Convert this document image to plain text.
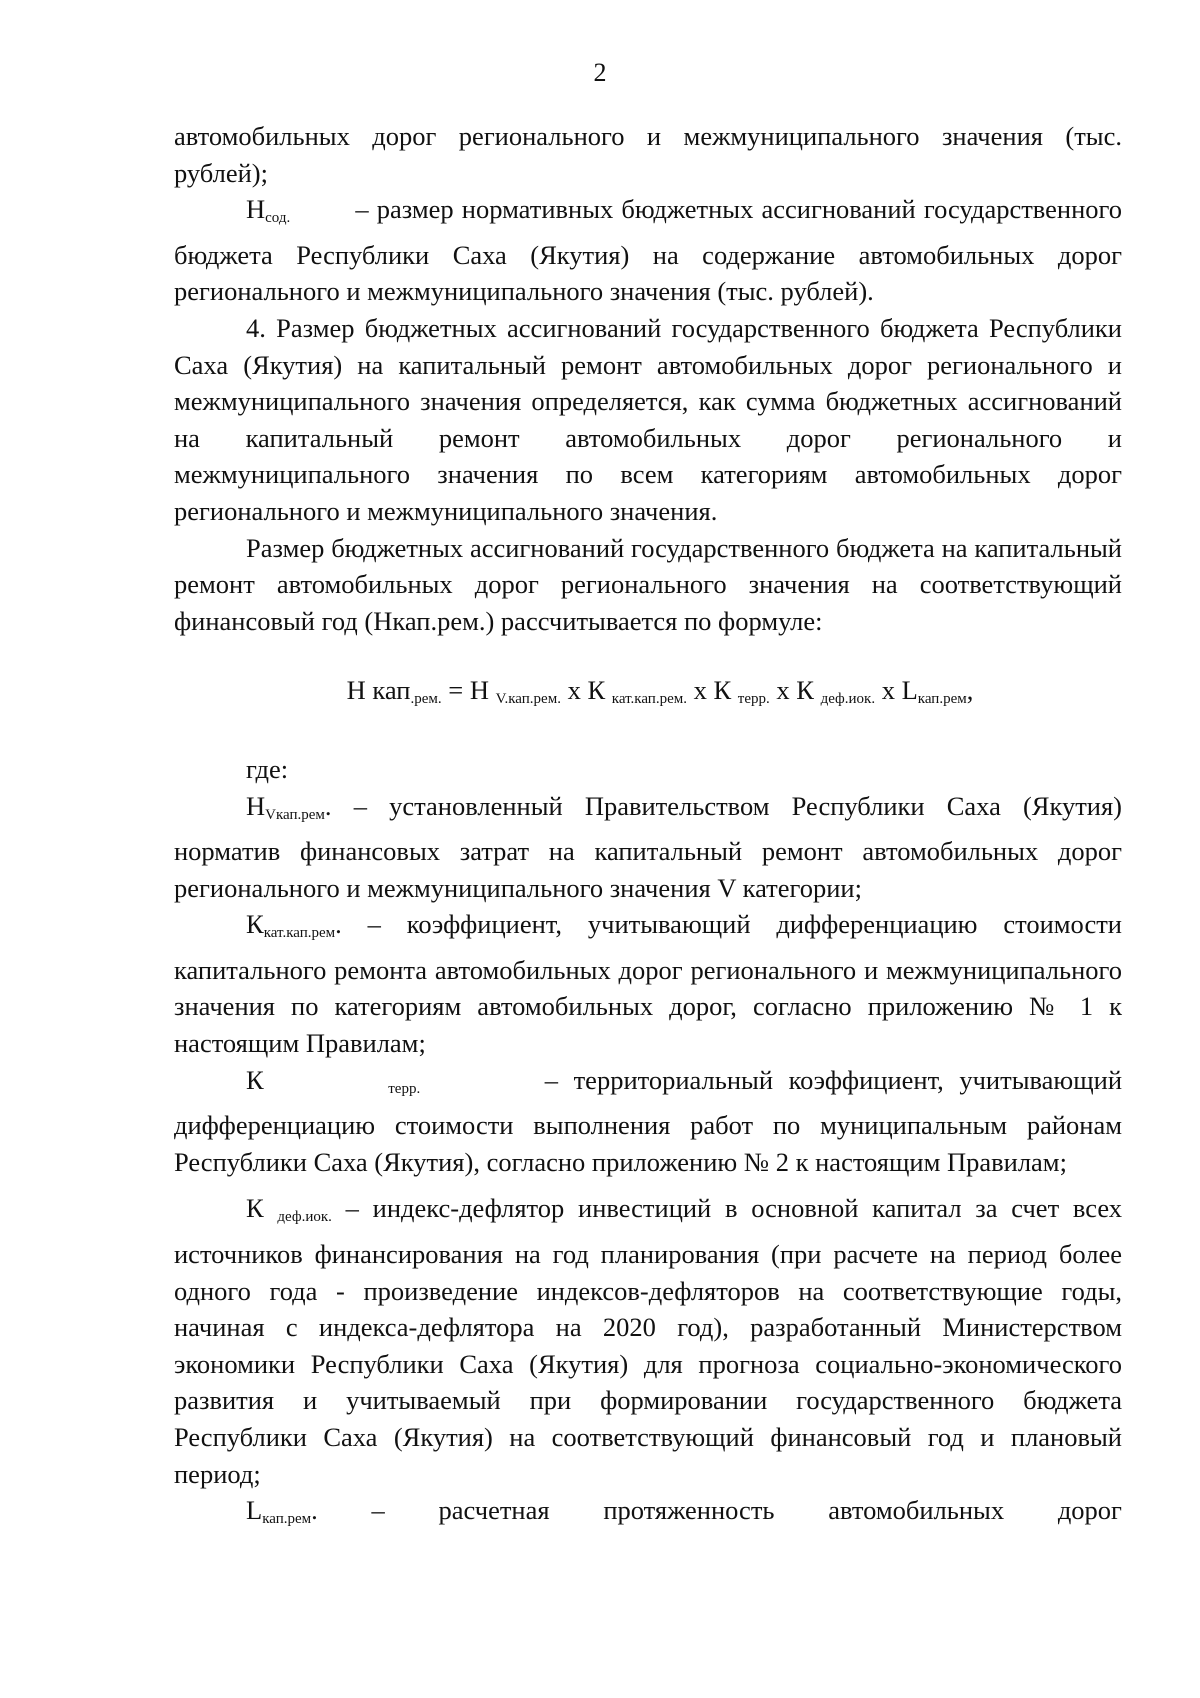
2

автомобильных дорог регионального и межмуниципального значения (тыс. рублей);

$Н_{сод.}$ – размер нормативных бюджетных ассигнований государственного бюджета Республики Саха (Якутия) на содержание автомобильных дорог регионального и межмуниципального значения (тыс. рублей).

4. Размер бюджетных ассигнований государственного бюджета Республики Саха (Якутия) на капитальный ремонт автомобильных дорог регионального и межмуниципального значения определяется, как сумма бюджетных ассигнований на капитальный ремонт автомобильных дорог регионального и межмуниципального значения по всем категориям автомобильных дорог регионального и межмуниципального значения.

Размер бюджетных ассигнований государственного бюджета на капитальный ремонт автомобильных дорог регионального значения на соответствующий финансовый год (Нкап.рем.) рассчитывается по формуле:

Н кап$_{.рем.}$ = Н $_{V.кап.рем.}$ х К $_{кат.кап.рем.}$ х К $_{терр.}$ х К $_{деф.иок.}$ х $L_{кап.рем}$,

где:

$Н_{Vкап.рем}$. – установленный Правительством Республики Саха (Якутия) норматив финансовых затрат на капитальный ремонт автомобильных дорог регионального и межмуниципального значения V категории;

$К_{кат.кап.рем}$. – коэффициент, учитывающий дифференциацию стоимости капитального ремонта автомобильных дорог регионального и межмуниципального значения по категориям автомобильных дорог, согласно приложению № 1 к настоящим Правилам;

К	$_{терр.}$	– территориальный коэффициент, учитывающий дифференциацию стоимости выполнения работ по муниципальным районам Республики Саха (Якутия), согласно приложению № 2 к настоящим Правилам;

К $_{деф.иок.}$ – индекс-дефлятор инвестиций в основной капитал за счет всех источников финансирования на год планирования (при расчете на период более одного года - произведение индексов-дефляторов на соответствующие годы, начиная с индекса-дефлятора на 2020 год), разработанный Министерством экономики Республики Саха (Якутия) для прогноза социально-экономического развития и учитываемый при формировании государственного бюджета Республики Саха (Якутия) на соответствующий финансовый год и плановый период;

$L_{кап.рем}$. – расчетная протяженность автомобильных дорог
